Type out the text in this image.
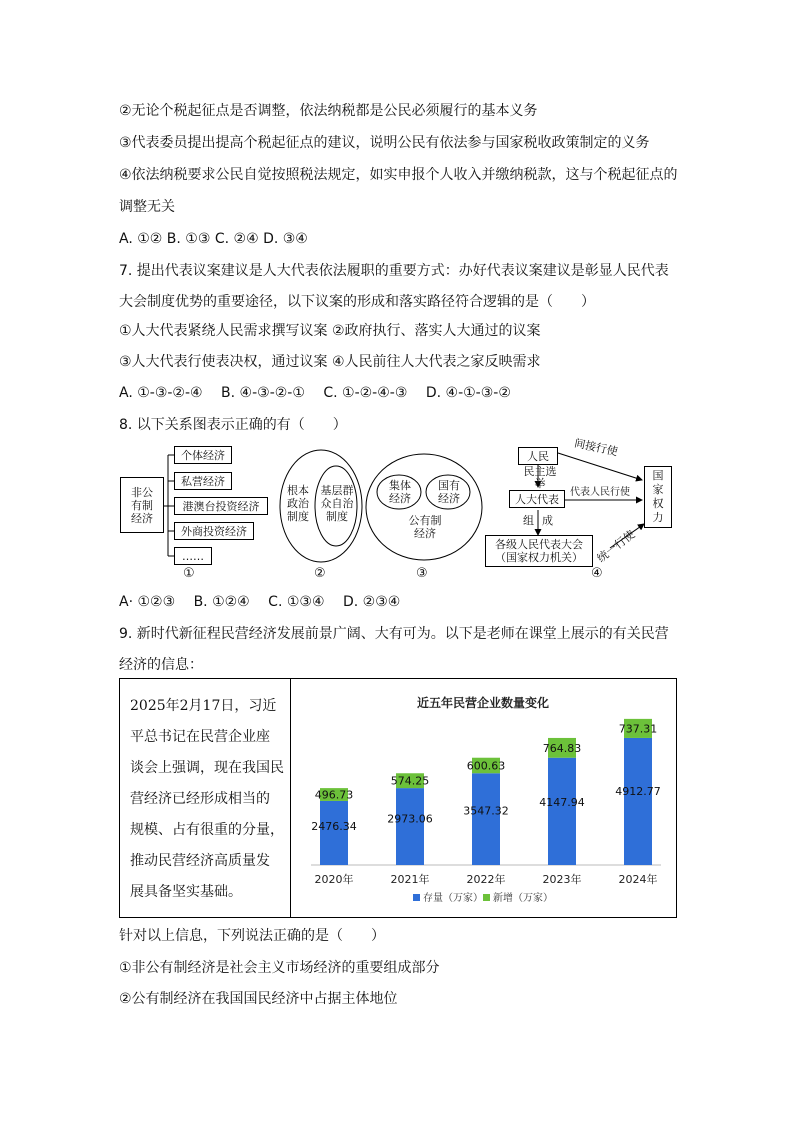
②无论个税起征点是否调整，依法纳税都是公民必须履行的基本义务
③代表委员提出提高个税起征点的建议，说明公民有依法参与国家税收政策制定的义务
④依法纳税要求公民自觉按照税法规定，如实申报个人收入并缴纳税款，这与个税起征点的
调整无关
A. ①② B. ①③ C. ②④ D. ③④
7. 提出代表议案建议是人大代表依法履职的重要方式：办好代表议案建议是彰显人民代表
大会制度优势的重要途径，以下议案的形成和落实路径符合逻辑的是（　　）
①人大代表紧绕人民需求撰写议案 ②政府执行、落实人大通过的议案
③人大代表行使表决权，通过议案 ④人民前往人大代表之家反映需求
A. ①-③-②-④　 B. ④-③-②-①　 C. ①-②-④-③　 D. ④-①-③-②
8. 以下关系图表示正确的有（　　）
非公有制经济
个体经济
私营经济
港澳台投资经济
外商投资经济
……
①
根本政治制度
基层群众自治制度
②
集体经济
国有经济
公有制经济
③
人民
民主选举
人大代表
组成
各级人民代表大会
（国家权力机关）
国家权力
间接行使
代表人民行使
统一行使
④
A· ①②③　 B. ①②④　 C. ①③④　 D. ②③④
9. 新时代新征程民营经济发展前景广阔、大有可为。以下是老师在课堂上展示的有关民营
经济的信息：
2025年2月17日，习近
平总书记在民营企业座
谈会上强调，现在我国民
营经济已经形成相当的
规模、占有很重的分量，
推动民营经济高质量发
展具备坚实基础。
近五年民营企业数量变化
2476.34
496.73
2020年
2973.06
574.25
2021年
3547.32
600.63
2022年
4147.94
764.83
2023年
4912.77
737.31
2024年
存量（万家） 新增（万家）
针对以上信息，下列说法正确的是（　　）
①非公有制经济是社会主义市场经济的重要组成部分
②公有制经济在我国国民经济中占据主体地位
